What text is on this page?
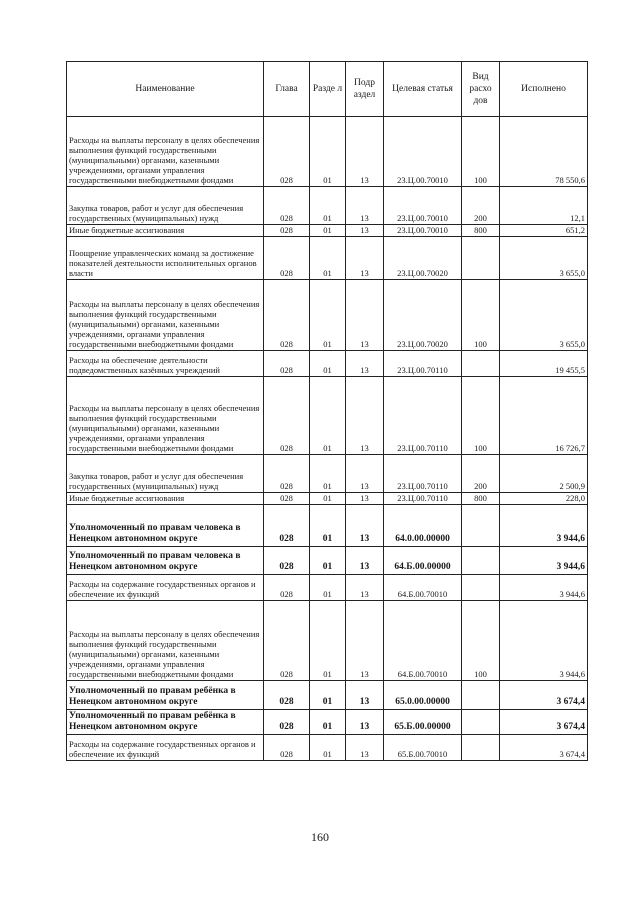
Наименование	Глава	Разде л	Подр аздел	Целевая статья	Вид расхо дов	Исполнено
Расходы на выплаты персоналу в целях обеспечения выполнения функций государственными (муниципальными) органами, казенными учреждениями, органами управления государственными внебюджетными фондами	028	01	13	23.Ц.00.70010	100	78 550,6
Закупка товаров, работ и услуг для обеспечения государственных (муниципальных) нужд	028	01	13	23.Ц.00.70010	200	12,1
Иные бюджетные ассигнования	028	01	13	23.Ц.00.70010	800	651,2
Поощрение управленческих команд за достижение показателей деятельности исполнительных органов власти	028	01	13	23.Ц.00.70020		3 655,0
Расходы на выплаты персоналу в целях обеспечения выполнения функций государственными (муниципальными) органами, казенными учреждениями, органами управления государственными внебюджетными фондами	028	01	13	23.Ц.00.70020	100	3 655,0
Расходы на обеспечение деятельности подведомственных казённых учреждений	028	01	13	23.Ц.00.70110		19 455,5
Расходы на выплаты персоналу в целях обеспечения выполнения функций государственными (муниципальными) органами, казенными учреждениями, органами управления государственными внебюджетными фондами	028	01	13	23.Ц.00.70110	100	16 726,7
Закупка товаров, работ и услуг для обеспечения государственных (муниципальных) нужд	028	01	13	23.Ц.00.70110	200	2 500,9
Иные бюджетные ассигнования	028	01	13	23.Ц.00.70110	800	228,0
Уполномоченный по правам человека в Ненецком автономном округе	028	01	13	64.0.00.00000		3 944,6
Уполномоченный по правам человека в Ненецком автономном округе	028	01	13	64.Б.00.00000		3 944,6
Расходы на содержание государственных органов и обеспечение их функций	028	01	13	64.Б.00.70010		3 944,6
Расходы на выплаты персоналу в целях обеспечения выполнения функций государственными (муниципальными) органами, казенными учреждениями, органами управления государственными внебюджетными фондами	028	01	13	64.Б.00.70010	100	3 944,6
Уполномоченный по правам ребёнка в Ненецком автономном округе	028	01	13	65.0.00.00000		3 674,4
Уполномоченный по правам ребёнка в Ненецком автономном округе	028	01	13	65.Б.00.00000		3 674,4
Расходы на содержание государственных органов и обеспечение их функций	028	01	13	65.Б.00.70010		3 674,4
160
